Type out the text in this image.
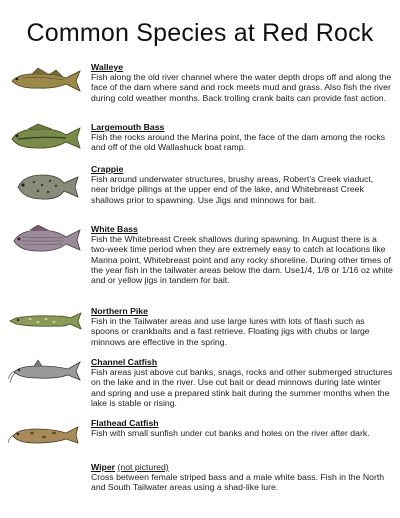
Common Species at Red Rock
Walleye
Fish along the old river channel where the water depth drops off and along the face of the dam where sand and rock meets mud and grass. Also fish the river during cold weather months. Back trolling crank baits can provide fast action.
Largemouth Bass
Fish the rocks around the Marina point, the face of the dam among the rocks and off of the old Wallashuck boat ramp.
Crappie
Fish around underwater structures, brushy areas, Robert’s Creek viaduct, near bridge pilings at the upper end of the lake, and Whitebreast Creek shallows prior to spawning. Use Jigs and minnows for bait.
White Bass
Fish the Whitebreast Creek shallows during spawning. In August there is a two-week time period when they are extremely easy to catch at locations like Marina point, Whitebreast point and any rocky shoreline. During other times of the year fish in the tailwater areas below the dam. Use1/4, 1/8 or 1/16 oz white and or yellow jigs in tandem for bait.
Northern Pike
Fish in the Tailwater areas and use large lures with lots of flash such as spoons or crankbaits and a fast retrieve. Floating jigs with chubs or large minnows are effective in the spring.
Channel Catfish
Fish areas just above cut banks, snags, rocks and other submerged structures on the lake and in the river. Use cut bait or dead minnows during late winter and spring and use a prepared stink bait during the summer months when the lake is stable or rising.
Flathead Catfish
Fish with small sunfish under cut banks and holes on the river after dark.
Wiper (not pictured)
Cross between female striped bass and a male white bass. Fish in the North and South Tailwater areas using a shad-like lure.
